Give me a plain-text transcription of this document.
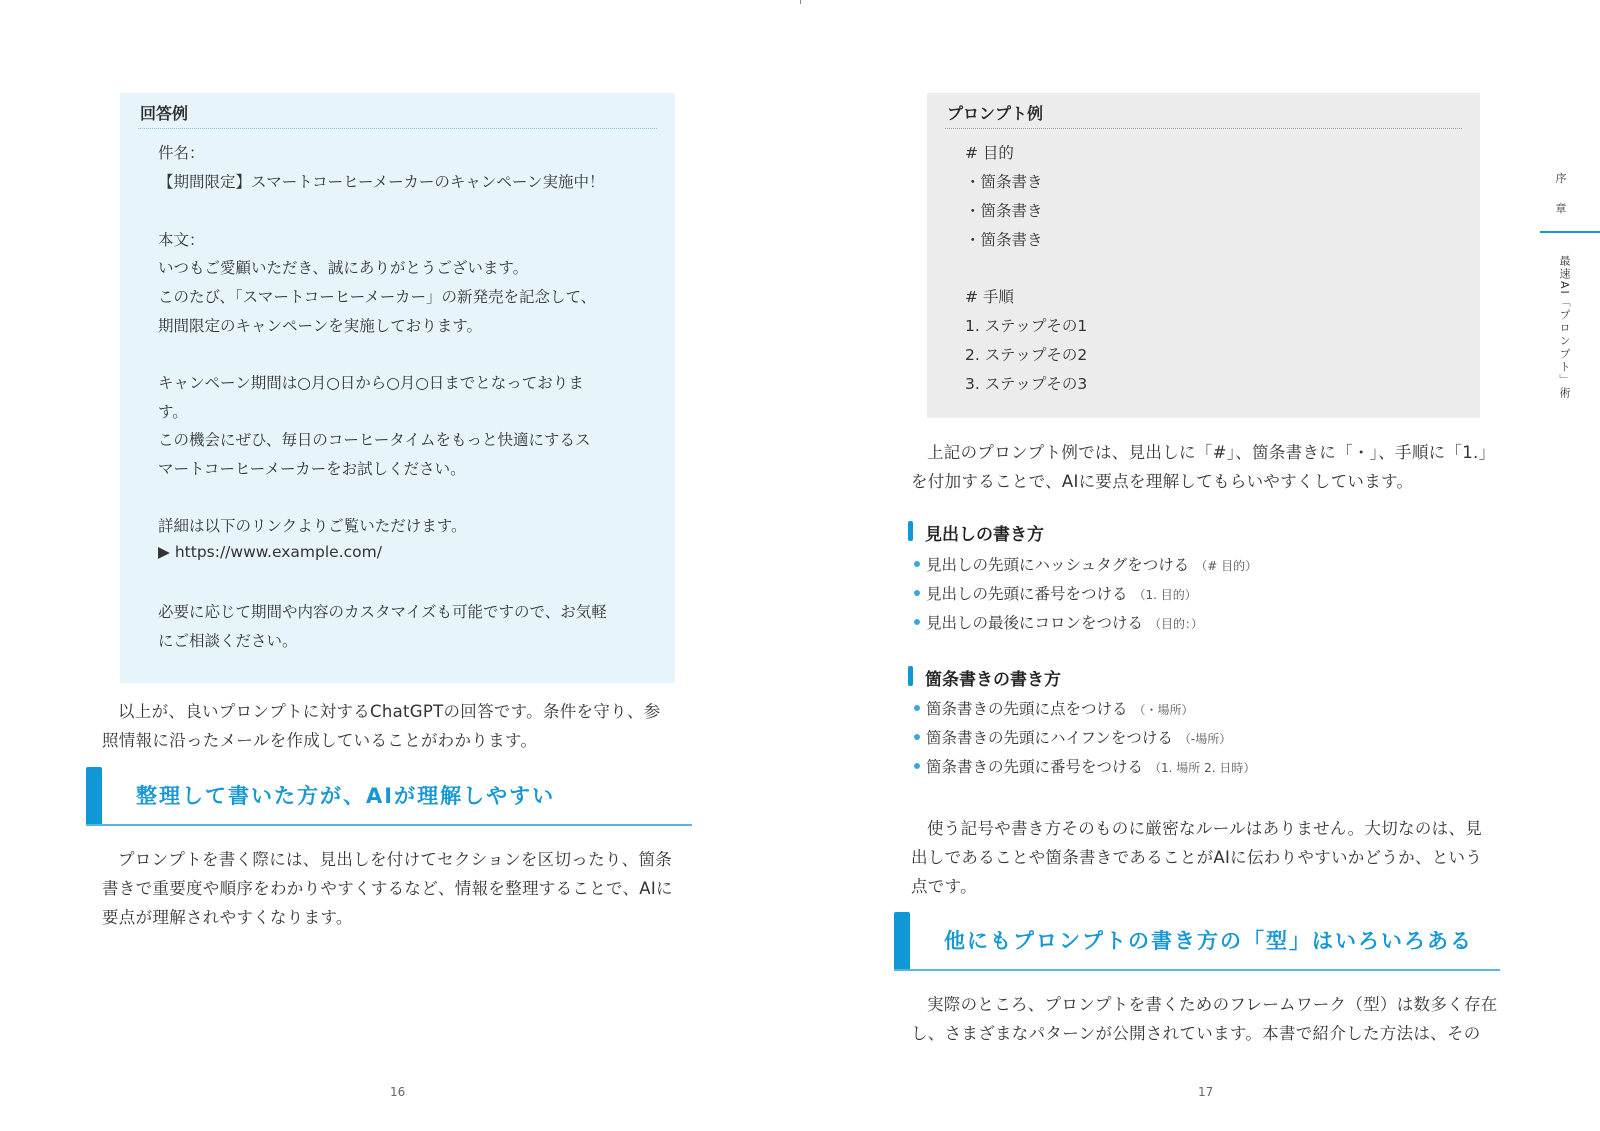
回答例
件名：
【期間限定】スマートコーヒーメーカーのキャンペーン実施中！
本文：
いつもご愛顧いただき、誠にありがとうございます。
このたび、「スマートコーヒーメーカー」の新発売を記念して、
期間限定のキャンペーンを実施しております。
キャンペーン期間は○月○日から○月○日までとなっておりま
す。
この機会にぜひ、毎日のコーヒータイムをもっと快適にするス
マートコーヒーメーカーをお試しください。
詳細は以下のリンクよりご覧いただけます。
▶ https://www.example.com/
必要に応じて期間や内容のカスタマイズも可能ですので、お気軽
にご相談ください。
以上が、良いプロンプトに対するChatGPTの回答です。条件を守り、参
照情報に沿ったメールを作成していることがわかります。
整理して書いた方が、AIが理解しやすい
プロンプトを書く際には、見出しを付けてセクションを区切ったり、箇条
書きで重要度や順序をわかりやすくするなど、情報を整理することで、AIに
要点が理解されやすくなります。
16
プロンプト例
# 目的
・箇条書き
・箇条書き
・箇条書き
# 手順
1. ステップその1
2. ステップその2
3. ステップその3
上記のプロンプト例では、見出しに「#」、箇条書きに「・」、手順に「1.」
を付加することで、AIに要点を理解してもらいやすくしています。
見出しの書き方
見出しの先頭にハッシュタグをつける （# 目的）
見出しの先頭に番号をつける （1. 目的）
見出しの最後にコロンをつける （目的：）
箇条書きの書き方
箇条書きの先頭に点をつける （・場所）
箇条書きの先頭にハイフンをつける （-場所）
箇条書きの先頭に番号をつける （1. 場所 2. 日時）
使う記号や書き方そのものに厳密なルールはありません。大切なのは、見
出しであることや箇条書きであることがAIに伝わりやすいかどうか、という
点です。
他にもプロンプトの書き方の「型」はいろいろある
実際のところ、プロンプトを書くためのフレームワーク（型）は数多く存在
し、さまざまなパターンが公開されています。本書で紹介した方法は、その
17
序
章
最速AI「プロンプト」術
